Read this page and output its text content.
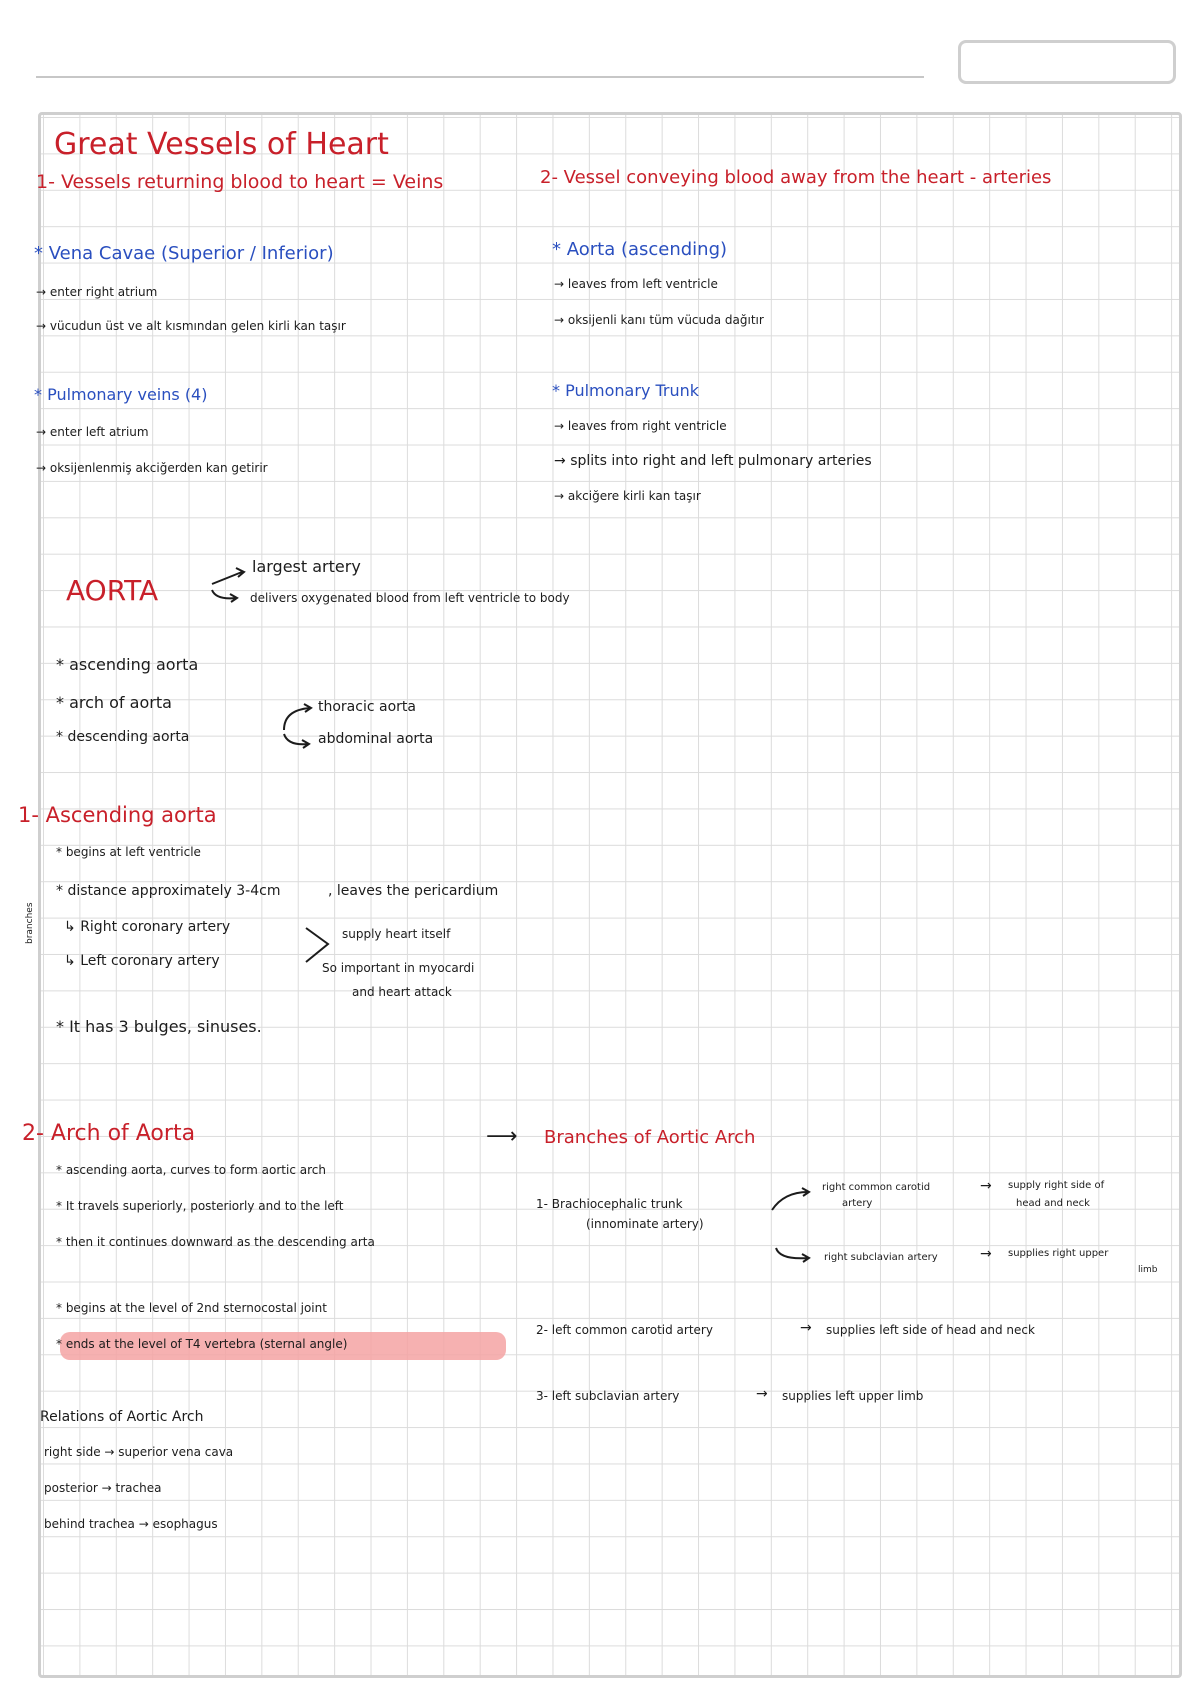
Great Vessels of Heart
1- Vessels returning blood to heart = Veins	2- Vessel conveying blood away from the heart - arteries
* Vena Cavae (Superior / Inferior)
→ enter right atrium
→ vücudun üst ve alt kısmından gelen kirli kan taşır
* Pulmonary veins (4)
→ enter left atrium
→ oksijenlenmiş akciğerden kan getirir
* Aorta (ascending)
→ leaves from left ventricle
→ oksijenli kanı tüm vücuda dağıtır
* Pulmonary Trunk
→ leaves from right ventricle
→ splits into right and left pulmonary arteries
→ akciğere kirli kan taşır
AORTA
largest artery
delivers oxygenated blood from left ventricle to body
* ascending aorta
* arch of aorta
* descending aorta
thoracic aorta
abdominal aorta
1- Ascending aorta
* begins at left ventricle
* distance approximately 3-4cm	, leaves the pericardium
branches ↳ Right coronary artery
↳ Left coronary artery
supply heart itself
So important in myocardi
and heart attack
* It has 3 bulges, sinuses.
2- Arch of Aorta
* ascending aorta, curves to form aortic arch
* It travels superiorly, posteriorly and to the left
* then it continues downward as the descending arta
* begins at the level of 2nd sternocostal joint
* ends at the level of T4 vertebra (sternal angle)
Relations of Aortic Arch
right side → superior vena cava
posterior → trachea
behind trachea → esophagus
⟶ Branches of Aortic Arch
1- Brachiocephalic trunk
(innominate artery)
right common carotid
artery
→ supply right side of
head and neck
right subclavian artery	→ supplies right upper
limb
2- left common carotid artery	→ supplies left side of head and neck
3- left subclavian artery	→ supplies left upper limb
